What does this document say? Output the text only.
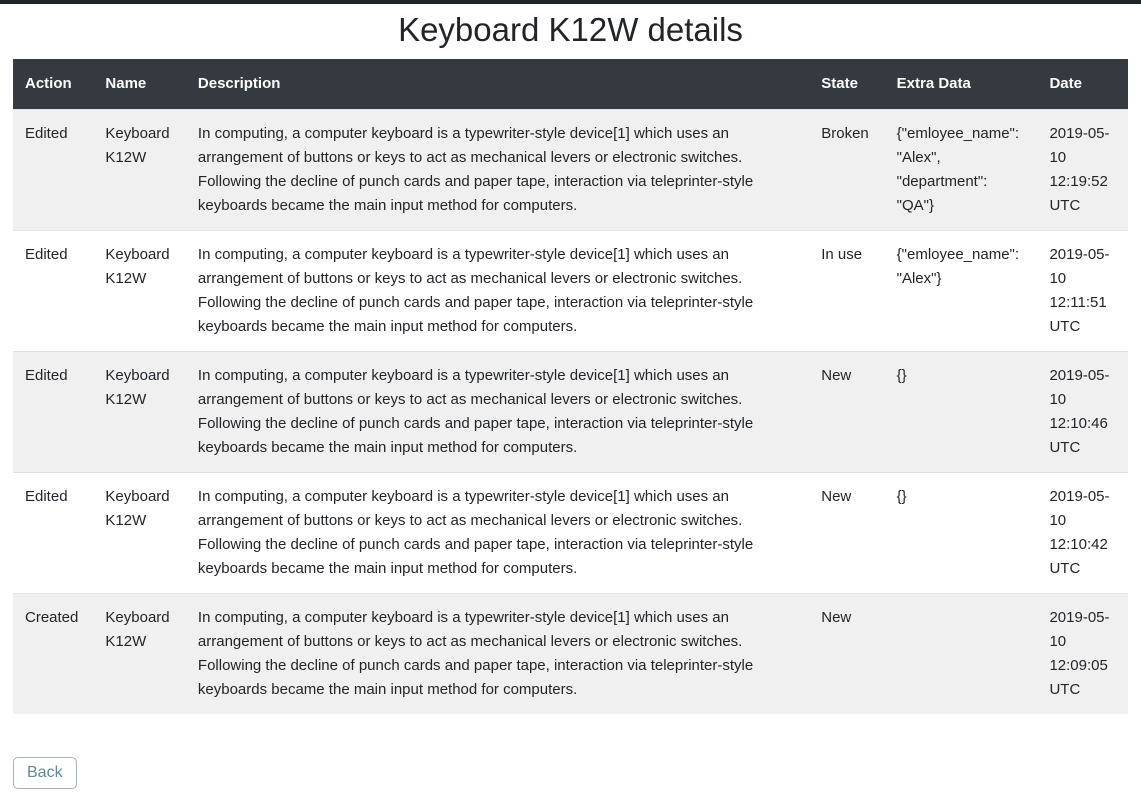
Keyboard K12W details
Action	Name	Description	State	Extra Data	Date
Edited	Keyboard K12W	In computing, a computer keyboard is a typewriter-style device[1] which uses an arrangement of buttons or keys to act as mechanical levers or electronic switches. Following the decline of punch cards and paper tape, interaction via teleprinter-style keyboards became the main input method for computers.	Broken	{"emloyee_name": "Alex", "department": "QA"}	2019-05-10 12:19:52 UTC
Edited	Keyboard K12W	In computing, a computer keyboard is a typewriter-style device[1] which uses an arrangement of buttons or keys to act as mechanical levers or electronic switches. Following the decline of punch cards and paper tape, interaction via teleprinter-style keyboards became the main input method for computers.	In use	{"emloyee_name": "Alex"}	2019-05-10 12:11:51 UTC
Edited	Keyboard K12W	In computing, a computer keyboard is a typewriter-style device[1] which uses an arrangement of buttons or keys to act as mechanical levers or electronic switches. Following the decline of punch cards and paper tape, interaction via teleprinter-style keyboards became the main input method for computers.	New	{}	2019-05-10 12:10:46 UTC
Edited	Keyboard K12W	In computing, a computer keyboard is a typewriter-style device[1] which uses an arrangement of buttons or keys to act as mechanical levers or electronic switches. Following the decline of punch cards and paper tape, interaction via teleprinter-style keyboards became the main input method for computers.	New	{}	2019-05-10 12:10:42 UTC
Created	Keyboard K12W	In computing, a computer keyboard is a typewriter-style device[1] which uses an arrangement of buttons or keys to act as mechanical levers or electronic switches. Following the decline of punch cards and paper tape, interaction via teleprinter-style keyboards became the main input method for computers.	New		2019-05-10 12:09:05 UTC
Back
